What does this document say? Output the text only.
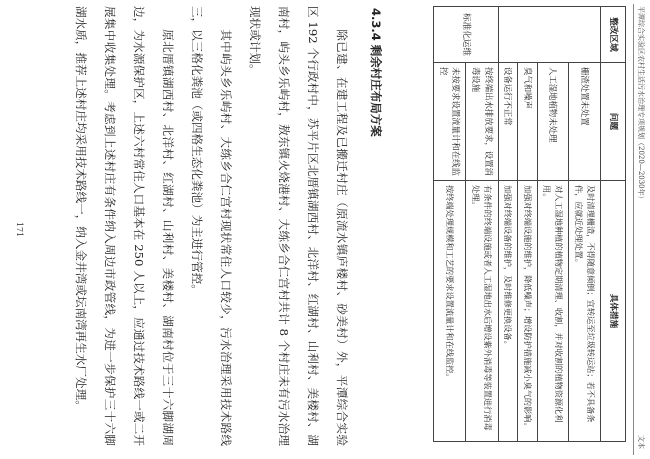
平潭综合实验区农村生活污水治理专项规划（2020—2030年）
文本
整改区域	问题	具体措施
	栅渣处置未处置	及时清理栅渣，不得随意倾倒；宜转运至垃圾转运站；若不具备条件，应就近处理处置。
	人工湿地植物未处理	对人工湿地种植的植物定期清理、收割，并对收割的植物资源化利用。
	臭气和噪声	加强对终端设施的维护，降低噪声；增设防护措施减小臭气的影响。
	设备运行不正常	加强对终端设备的维护，及时维修更换设备。
标准化运维	按终端出水排放要求，设置消毒设施	有条件的终端设施或者人工湿地出水后增设紫外消毒等装置进行消毒处理。
	未按要求设置流量计和在线监控	按终端处理规模和工艺的要求设置流量计和在线监控。
4.3.4 剩余村庄布局方案

除已建、在建工程及已搬迁村庄（原流水镇庐楼村、砂美村）外，平潭综合实验区 192 个行政村中，苏平片区北厝镇湖西村、北洋村、红湖村、山利村、美楼村、湖南村，屿头乡乐屿村，敖东镇火烧港村、大练乡合仁宫村共计 8 个村庄未有污水治理现状或计划。

其中屿头乡乐屿村、大练乡合仁宫村现状常住人口较少，污水治理采用技术路线三，以三格化粪池（或四格生态化粪池）为主进行管控。

原北厝镇湖西村、北洋村、红湖村、山利村、美楼村、湖南村位于三十六脚湖周边，为水源保护区，上述六村常住人口基本在 250 人以上，应通过技术路线一或二开展集中收集处理。考虑到上述村庄有条件纳入周边市政管线，为进一步保护三十六脚湖水质，推荐上述村庄均采用技术路线一，纳入金井湾或坛南湾再生水厂处理。

171
